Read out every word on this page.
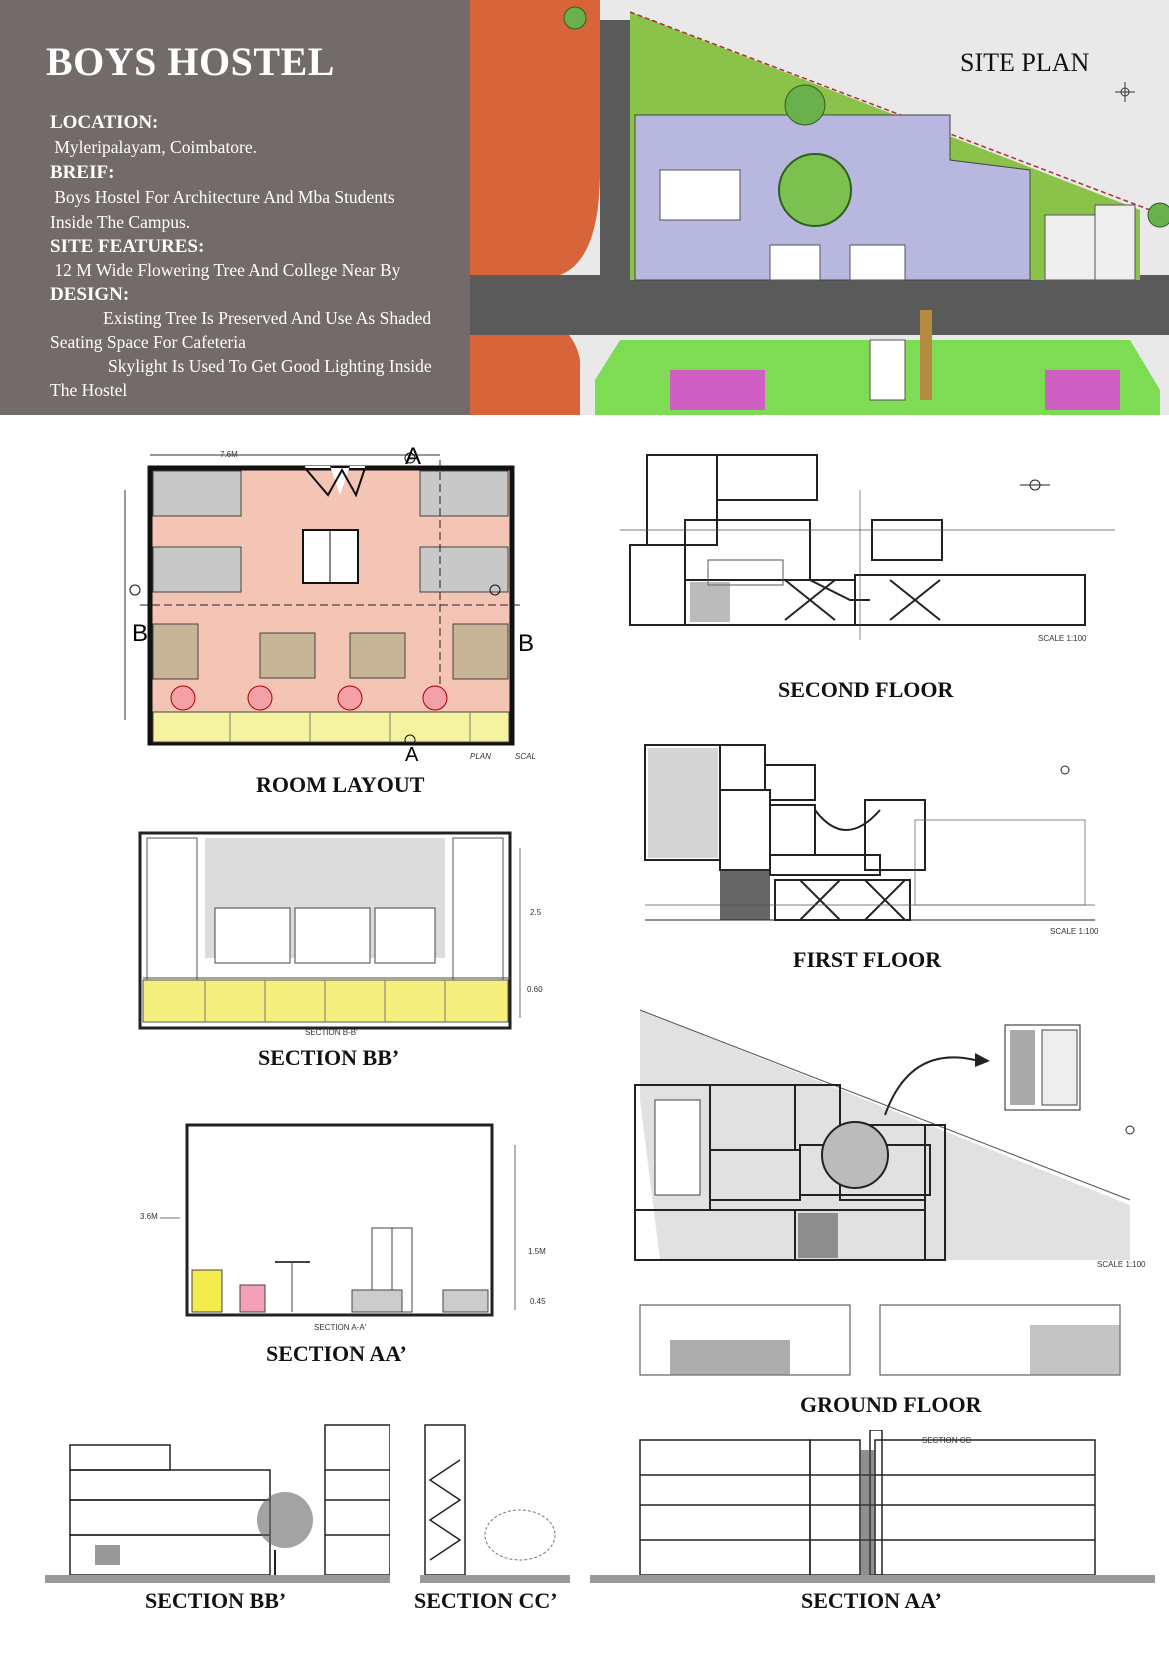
BOYS HOSTEL
LOCATION:
Myleripalayam, Coimbatore.
BREIF:
Boys Hostel For Architecture And Mba Students
Inside The Campus.
SITE FEATURES:
12 M Wide Flowering Tree And College Near By
DESIGN:
Existing Tree Is Preserved And Use As Shaded
Seating Space For Cafeteria
Skylight Is Used To Get Good Lighting Inside
The Hostel
SITE PLAN
A
A
B	B
7.6M
PLAN	SCAL
ROOM LAYOUT
SCALE 1:100
SECOND FLOOR
SCALE 1:100
FIRST FLOOR
2.5
0.60
SECTION B-B'
SECTION BB’
3.6M
1.5M
0.45
SECTION A-A'
SECTION AA’
SCALE 1:100
GROUND FLOOR
SECTION BB’	SECTION CC’
SECTION CC
SECTION AA’
